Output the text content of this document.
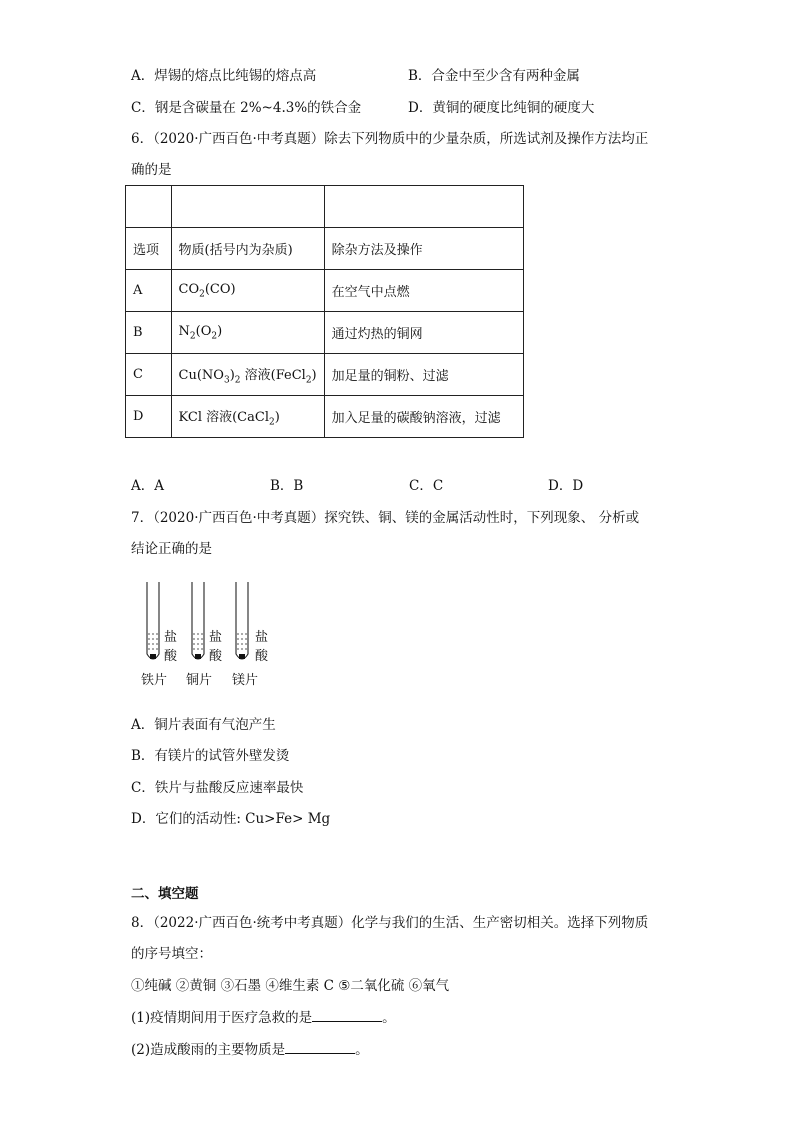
A．焊锡的熔点比纯锡的熔点高	B．合金中至少含有两种金属
C．钢是含碳量在 2%~4.3%的铁合金	D．黄铜的硬度比纯铜的硬度大
6．（2020·广西百色·中考真题）除去下列物质中的少量杂质，所选试剂及操作方法均正
确的是

选项	物质(括号内为杂质)	除杂方法及操作
A	$CO_2(CO)$	在空气中点燃
B	$N_2(O_2)$	通过灼热的铜网
C	$Cu(NO_3)_2$ 溶液(FeCl$_2$)	加足量的铜粉、过滤
D	KCl 溶液(CaCl$_2$)	加入足量的碳酸钠溶液，过滤
A．A	B．B	C．C	D．D
7．（2020·广西百色·中考真题）探究铁、铜、镁的金属活动性时，下列现象、 分析或
结论正确的是
盐
酸
盐
酸
盐
酸
铁片 铜片 镁片
A．铜片表面有气泡产生
B．有镁片的试管外壁发烫
C．铁片与盐酸反应速率最快
D．它们的活动性: Cu>Fe> Mg
二、填空题
8．（2022·广西百色·统考中考真题）化学与我们的生活、生产密切相关。选择下列物质
的序号填空：
①纯碱 ②黄铜 ③石墨 ④维生素 C ⑤二氧化硫 ⑥氧气
(1)疫情期间用于医疗急救的是	。
(2)造成酸雨的主要物质是	。
